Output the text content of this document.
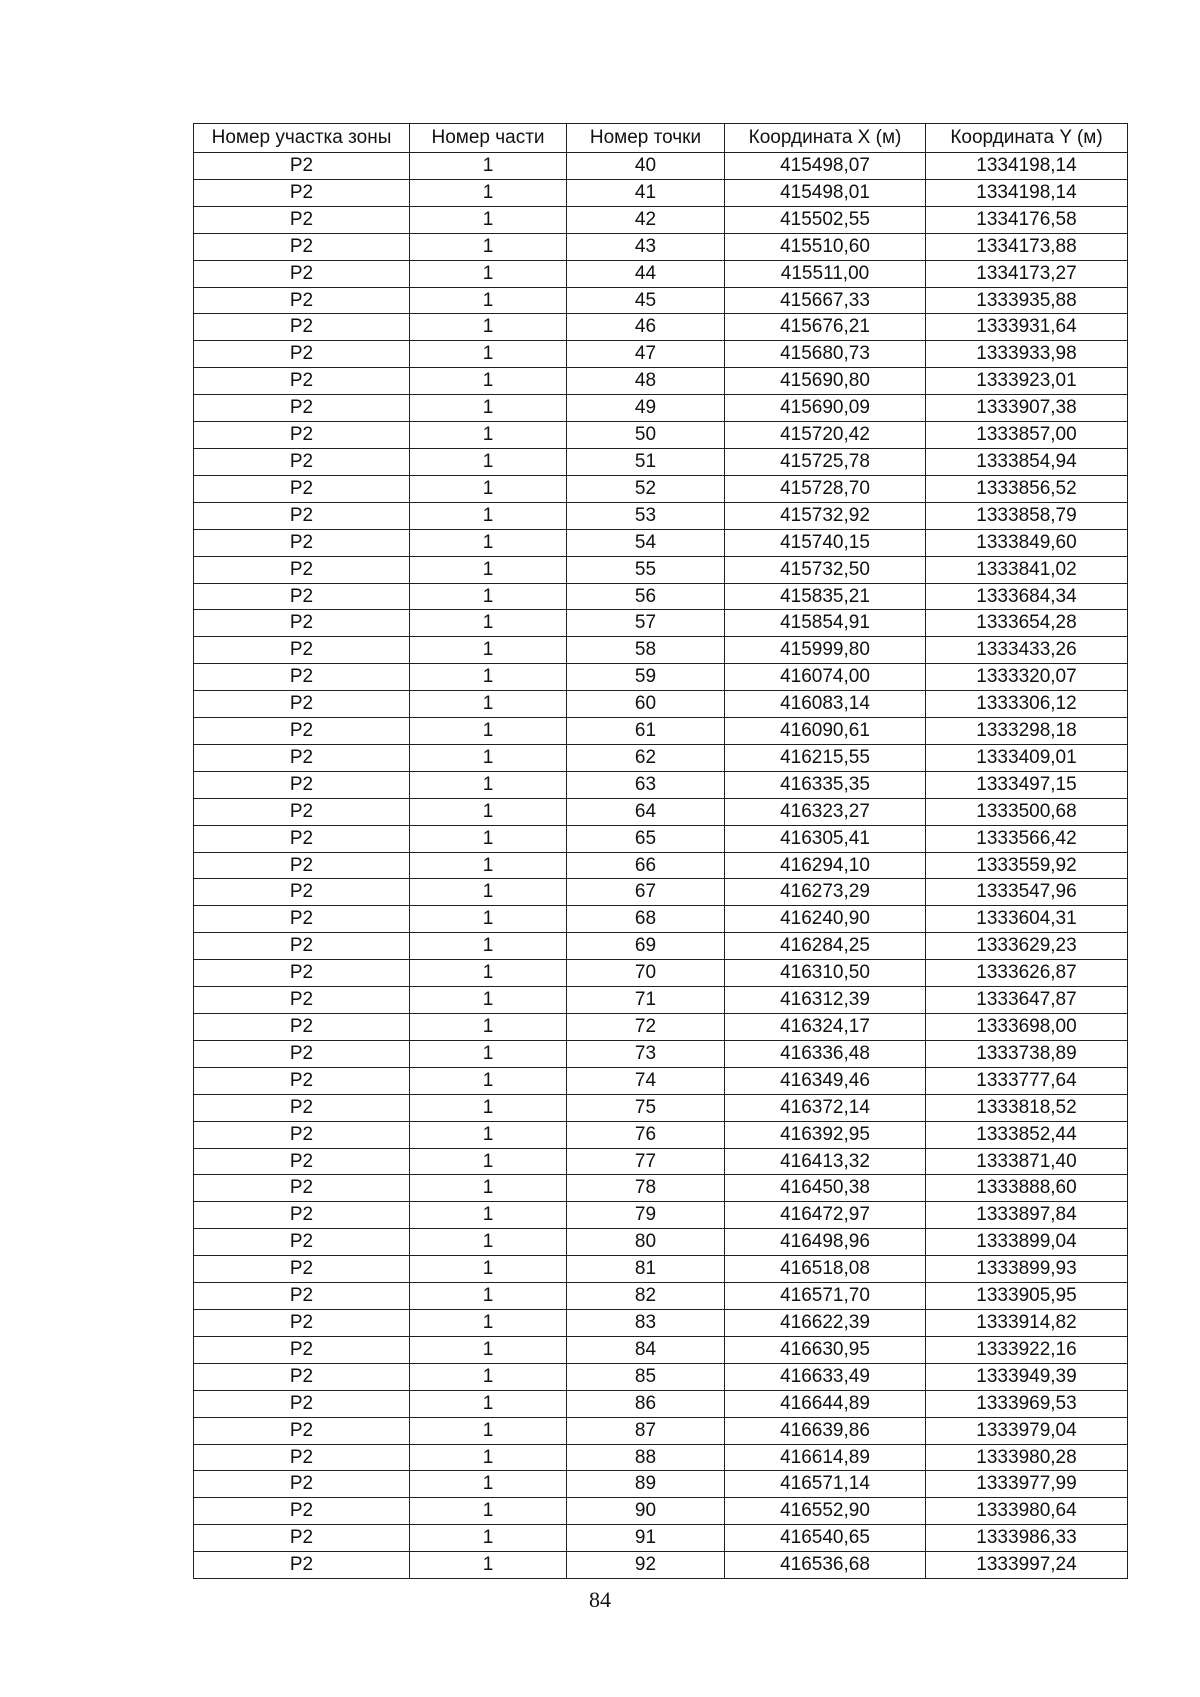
Номер участка зоны	Номер части	Номер точки	Координата X (м)	Координата Y (м)
P2	1	40	415498,07	1334198,14
P2	1	41	415498,01	1334198,14
P2	1	42	415502,55	1334176,58
P2	1	43	415510,60	1334173,88
P2	1	44	415511,00	1334173,27
P2	1	45	415667,33	1333935,88
P2	1	46	415676,21	1333931,64
P2	1	47	415680,73	1333933,98
P2	1	48	415690,80	1333923,01
P2	1	49	415690,09	1333907,38
P2	1	50	415720,42	1333857,00
P2	1	51	415725,78	1333854,94
P2	1	52	415728,70	1333856,52
P2	1	53	415732,92	1333858,79
P2	1	54	415740,15	1333849,60
P2	1	55	415732,50	1333841,02
P2	1	56	415835,21	1333684,34
P2	1	57	415854,91	1333654,28
P2	1	58	415999,80	1333433,26
P2	1	59	416074,00	1333320,07
P2	1	60	416083,14	1333306,12
P2	1	61	416090,61	1333298,18
P2	1	62	416215,55	1333409,01
P2	1	63	416335,35	1333497,15
P2	1	64	416323,27	1333500,68
P2	1	65	416305,41	1333566,42
P2	1	66	416294,10	1333559,92
P2	1	67	416273,29	1333547,96
P2	1	68	416240,90	1333604,31
P2	1	69	416284,25	1333629,23
P2	1	70	416310,50	1333626,87
P2	1	71	416312,39	1333647,87
P2	1	72	416324,17	1333698,00
P2	1	73	416336,48	1333738,89
P2	1	74	416349,46	1333777,64
P2	1	75	416372,14	1333818,52
P2	1	76	416392,95	1333852,44
P2	1	77	416413,32	1333871,40
P2	1	78	416450,38	1333888,60
P2	1	79	416472,97	1333897,84
P2	1	80	416498,96	1333899,04
P2	1	81	416518,08	1333899,93
P2	1	82	416571,70	1333905,95
P2	1	83	416622,39	1333914,82
P2	1	84	416630,95	1333922,16
P2	1	85	416633,49	1333949,39
P2	1	86	416644,89	1333969,53
P2	1	87	416639,86	1333979,04
P2	1	88	416614,89	1333980,28
P2	1	89	416571,14	1333977,99
P2	1	90	416552,90	1333980,64
P2	1	91	416540,65	1333986,33
P2	1	92	416536,68	1333997,24
84
